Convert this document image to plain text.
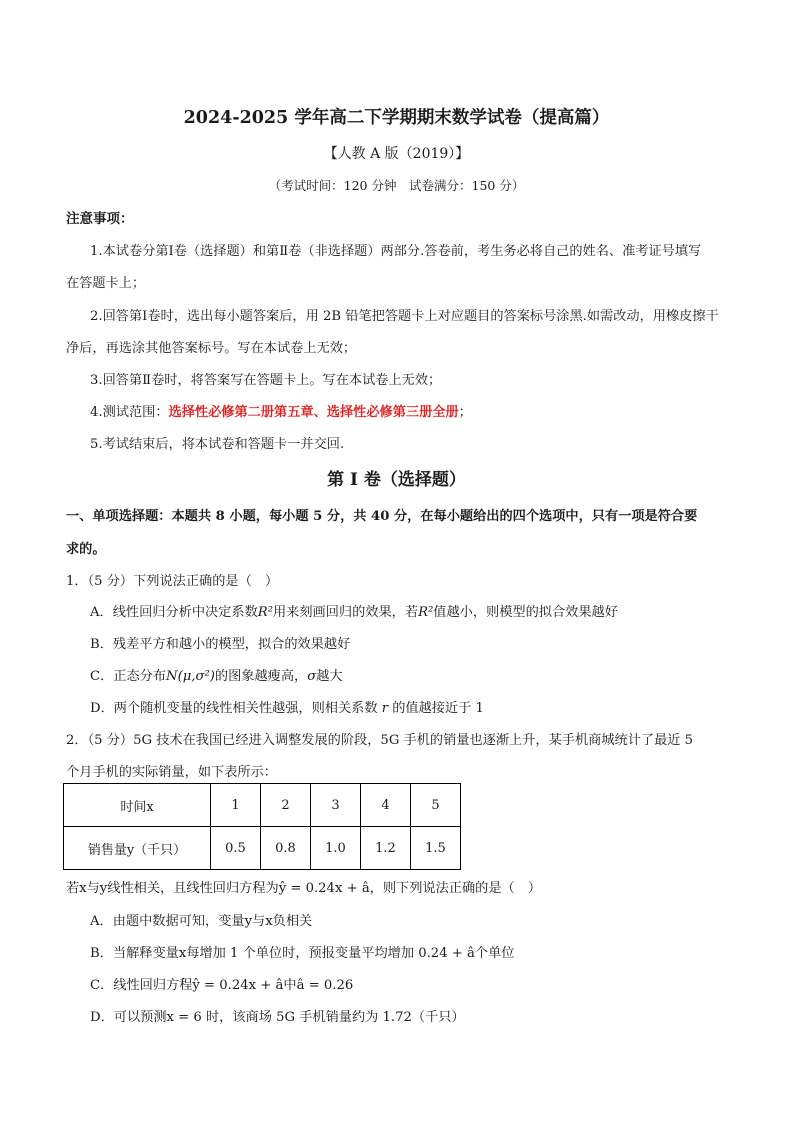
2024-2025 学年高二下学期期末数学试卷（提高篇）
【人教 A 版（2019）】
（考试时间：120 分钟　试卷满分：150 分）
注意事项：
1.本试卷分第Ⅰ卷（选择题）和第Ⅱ卷（非选择题）两部分.答卷前，考生务必将自己的姓名、准考证号填写
在答题卡上；
2.回答第Ⅰ卷时，选出每小题答案后，用 2B 铅笔把答题卡上对应题目的答案标号涂黑.如需改动，用橡皮擦干
净后，再选涂其他答案标号。写在本试卷上无效；
3.回答第Ⅱ卷时，将答案写在答题卡上。写在本试卷上无效；
4.测试范围：选择性必修第二册第五章、选择性必修第三册全册；
5.考试结束后，将本试卷和答题卡一并交回.
第 I 卷（选择题）
一、单项选择题：本题共 8 小题，每小题 5 分，共 40 分，在每小题给出的四个选项中，只有一项是符合要
求的。
1．（5 分）下列说法正确的是（　）
A．线性回归分析中决定系数R²用来刻画回归的效果，若R²值越小，则模型的拟合效果越好
B．残差平方和越小的模型，拟合的效果越好
C．正态分布N(μ,σ²)的图象越瘦高，σ越大
D．两个随机变量的线性相关性越强，则相关系数 r 的值越接近于 1
2．（5 分）5G 技术在我国已经进入调整发展的阶段，5G 手机的销量也逐渐上升，某手机商城统计了最近 5
个月手机的实际销量，如下表所示：
时间x	1	2	3	4	5
销售量y（千只）	0.5	0.8	1.0	1.2	1.5
若x与y线性相关，且线性回归方程为ŷ = 0.24x + â，则下列说法正确的是（　）
A．由题中数据可知，变量y与x负相关
B．当解释变量x每增加 1 个单位时，预报变量平均增加 0.24 + â个单位
C．线性回归方程ŷ = 0.24x + â中â = 0.26
D．可以预测x = 6 时，该商场 5G 手机销量约为 1.72（千只）
